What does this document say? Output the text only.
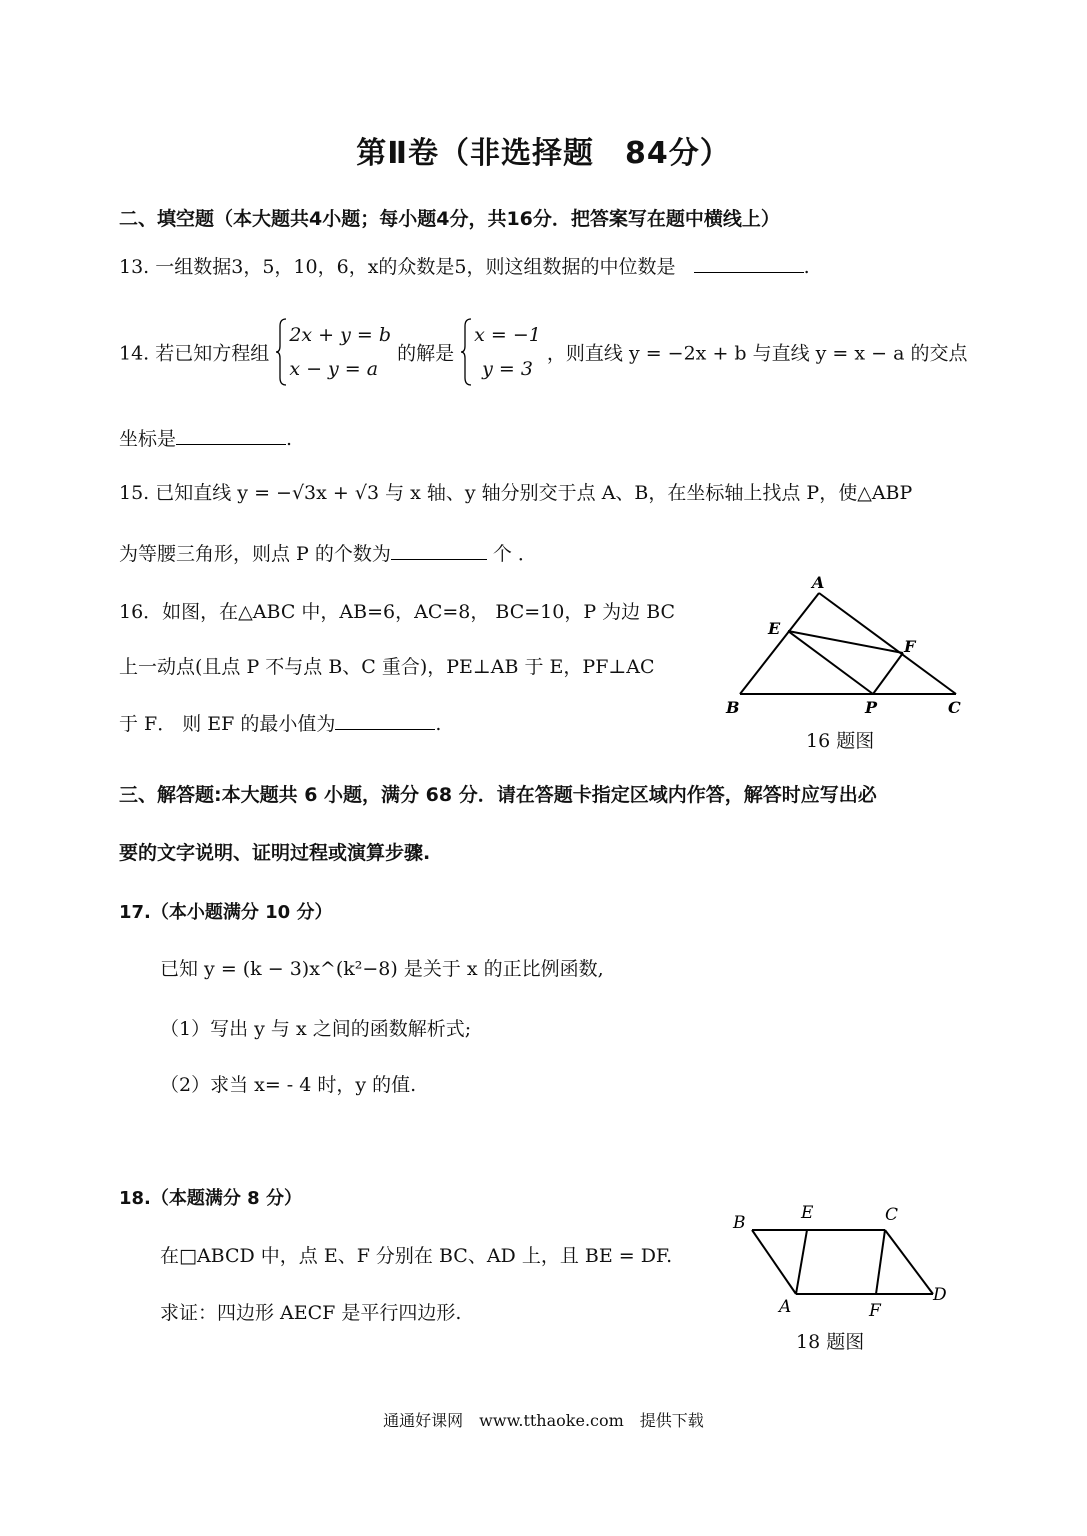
第Ⅱ卷（非选择题　84分）
二、填空题（本大题共4小题；每小题4分，共16分．把答案写在题中横线上）
13. 一组数据3，5，10，6，x的众数是5，则这组数据的中位数是	.
14. 若已知方程组
2x + y = b
x − y = a
的解是
x = −1
y = 3
，则直线 y = −2x + b 与直线 y = x − a 的交点
坐标是	.
15. 已知直线 y = −√3x + √3 与 x 轴、y 轴分别交于点 A、B，在坐标轴上找点 P，使△ABP
为等腰三角形，则点 P 的个数为	个 ．
16．如图，在△ABC 中，AB=6，AC=8， BC=10，P 为边 BC
上一动点(且点 P 不与点 B、C 重合)，PE⊥AB 于 E，PF⊥AC
于 F． 则 EF 的最小值为	.
A
E
F
B	P	C
16 题图
三、解答题:本大题共 6 小题，满分 68 分．请在答题卡指定区域内作答，解答时应写出必
要的文字说明、证明过程或演算步骤.
17.（本小题满分 10 分）
已知 y = (k − 3)x^(k²−8) 是关于 x 的正比例函数,
（1）写出 y 与 x 之间的函数解析式;
（2）求当 x= - 4 时，y 的值.
18.（本题满分 8 分）
在□ABCD 中，点 E、F 分别在 BC、AD 上，且 BE = DF.
求证：四边形 AECF 是平行四边形.
B	E	C
A	F
D
18 题图
通通好课网　www.tthaoke.com　提供下载
